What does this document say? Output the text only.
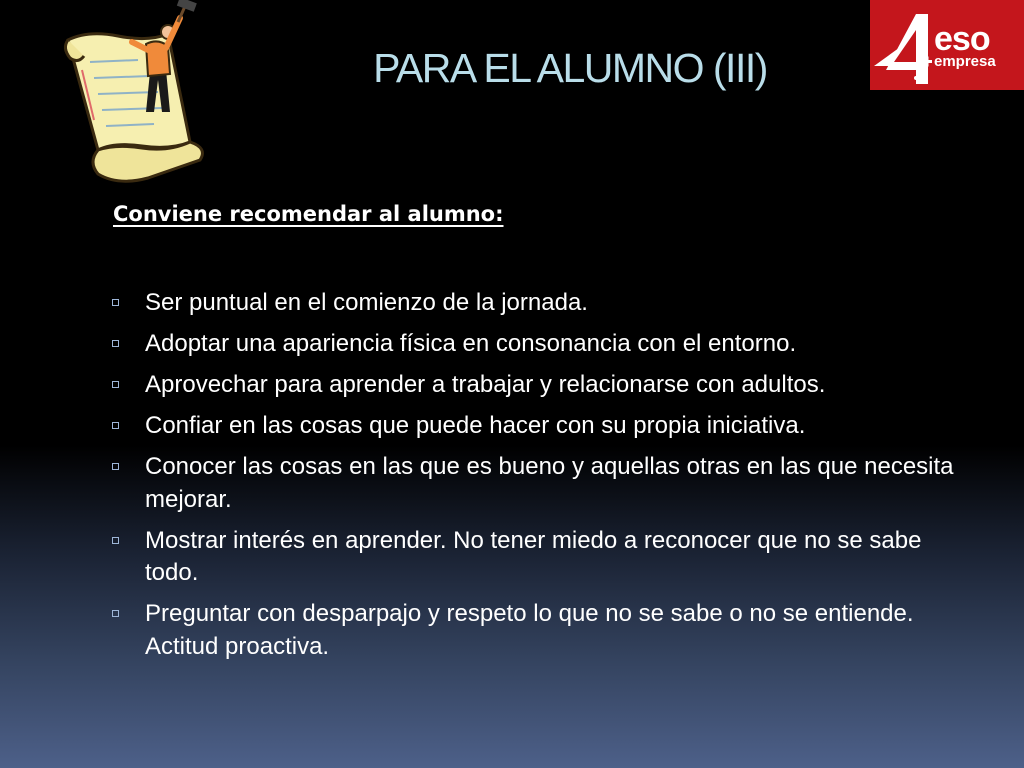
PARA EL ALUMNO (III)
eso
empresa
Conviene recomendar al alumno:
Ser puntual en el comienzo de la jornada.
Adoptar una apariencia física en consonancia con el entorno.
Aprovechar para aprender a trabajar y relacionarse con adultos.
Confiar en las cosas que puede hacer con su propia iniciativa.
Conocer las cosas en las que es bueno y aquellas otras en las que necesita mejorar.
Mostrar interés en aprender. No tener miedo a reconocer que no se sabe todo.
Preguntar con desparpajo y respeto lo que no se sabe o no se entiende. Actitud proactiva.
